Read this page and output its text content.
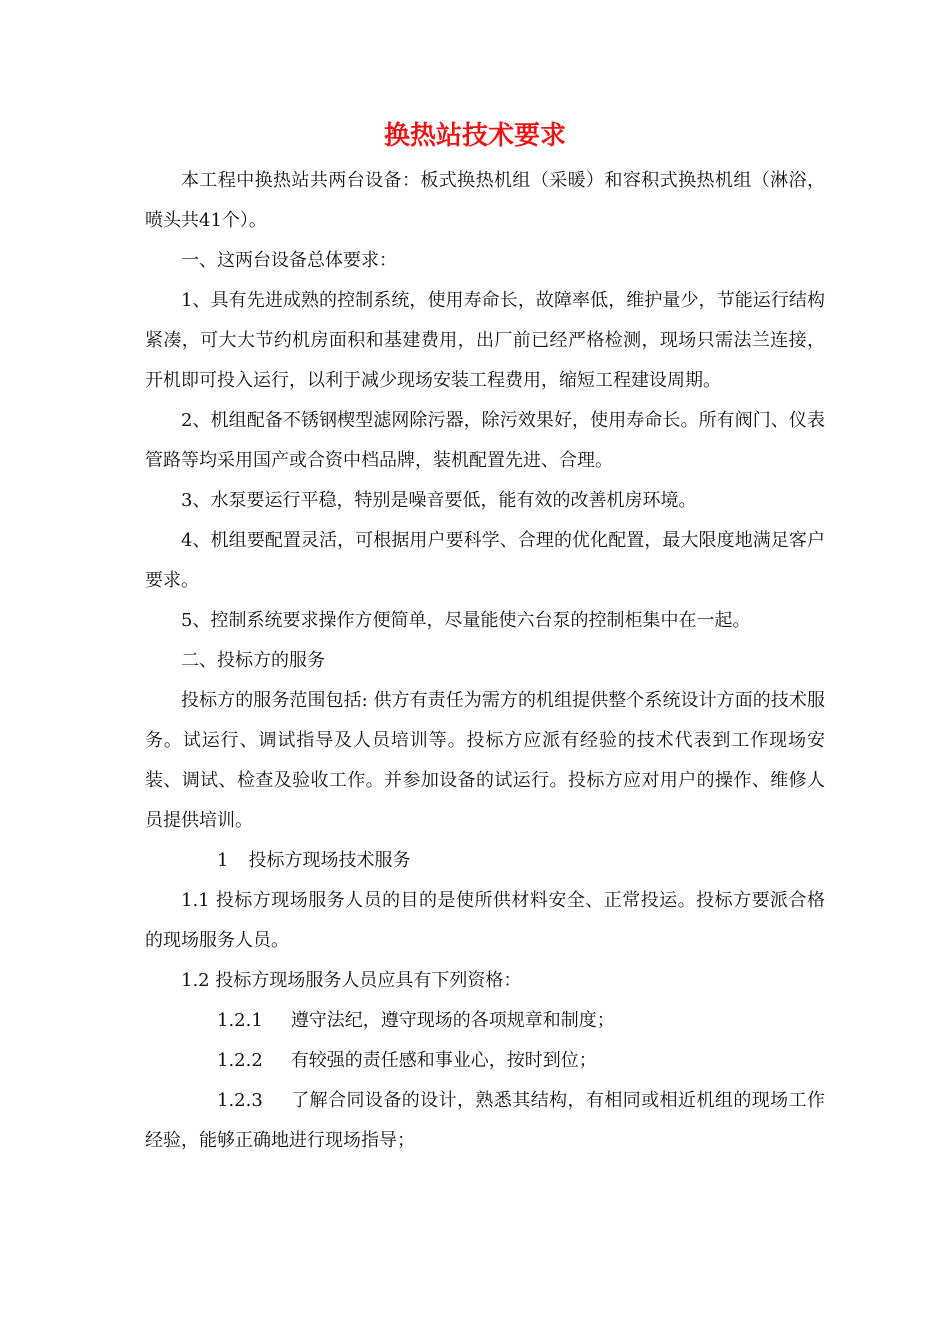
换热站技术要求

本工程中换热站共两台设备：板式换热机组（采暖）和容积式换热机组（淋浴，喷头共41个）。

一、这两台设备总体要求：

1、具有先进成熟的控制系统，使用寿命长，故障率低，维护量少，节能运行结构紧凑，可大大节约机房面积和基建费用，出厂前已经严格检测，现场只需法兰连接，开机即可投入运行，以利于减少现场安装工程费用，缩短工程建设周期。

2、机组配备不锈钢楔型滤网除污器，除污效果好，使用寿命长。所有阀门、仪表管路等均采用国产或合资中档品牌，装机配置先进、合理。

3、水泵要运行平稳，特别是噪音要低，能有效的改善机房环境。

4、机组要配置灵活，可根据用户要科学、合理的优化配置，最大限度地满足客户要求。

5、控制系统要求操作方便简单，尽量能使六台泵的控制柜集中在一起。

二、投标方的服务

投标方的服务范围包括: 供方有责任为需方的机组提供整个系统设计方面的技术服务。试运行、调试指导及人员培训等。投标方应派有经验的技术代表到工作现场安装、调试、检查及验收工作。并参加设备的试运行。投标方应对用户的操作、维修人员提供培训。

1 投标方现场技术服务

1.1 投标方现场服务人员的目的是使所供材料安全、正常投运。投标方要派合格的现场服务人员。

1.2 投标方现场服务人员应具有下列资格：

1.2.1 遵守法纪，遵守现场的各项规章和制度；

1.2.2 有较强的责任感和事业心，按时到位；

1.2.3 了解合同设备的设计，熟悉其结构，有相同或相近机组的现场工作经验，能够正确地进行现场指导；
